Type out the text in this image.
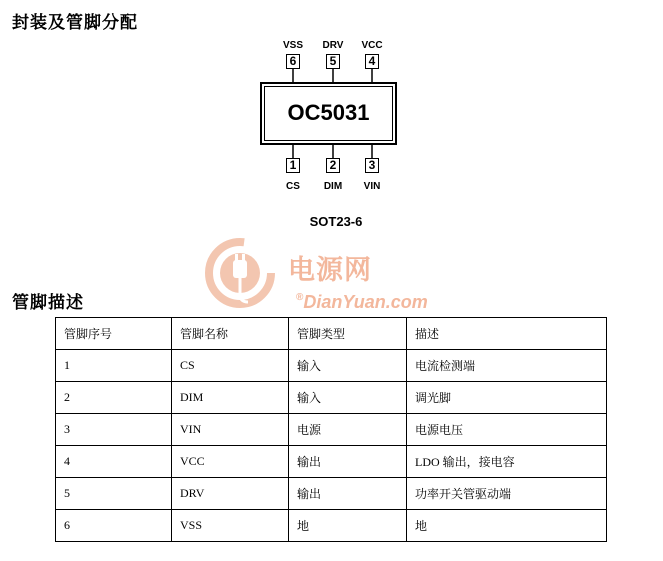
封装及管脚分配
VSS	DRV	VCC
6	5	4
OC5031
1	2	3
CS	DIM	VIN
SOT23-6
电源网
®DianYuan.com
管脚描述
管脚序号	管脚名称	管脚类型	描述
1	CS	输入	电流检测端
2	DIM	输入	调光脚
3	VIN	电源	电源电压
4	VCC	输出	LDO 输出，接电容
5	DRV	输出	功率开关管驱动端
6	VSS	地	地
